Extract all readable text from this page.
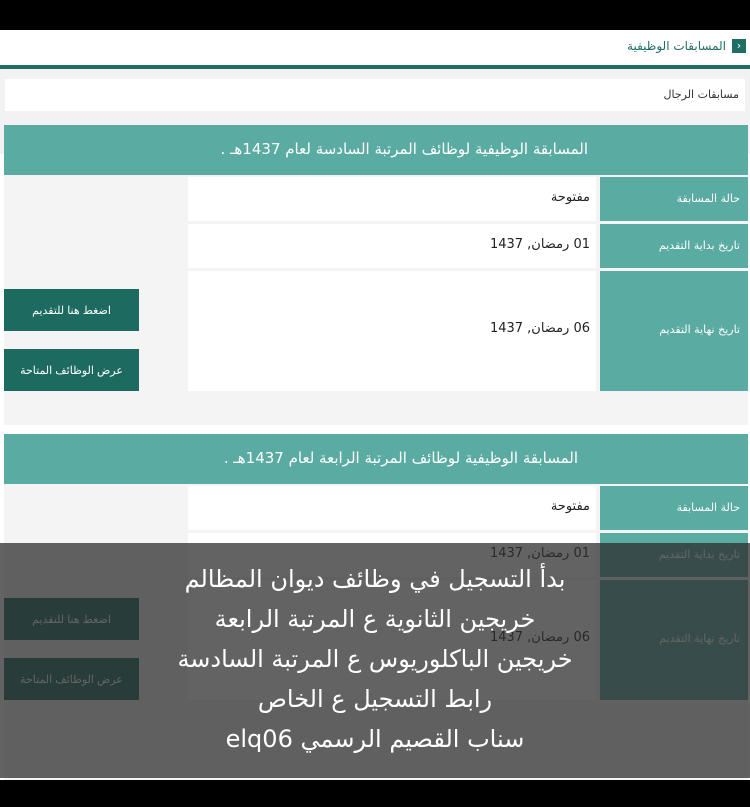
‹
المسابقات الوظيفية
مسابقات الرجال
المسابقة الوظيفية لوظائف المرتبة السادسة لعام 1437هـ .
حالة المسابقة
مفتوحة
تاريخ بداية التقديم
01 رمضان, 1437
تاريخ نهاية التقديم
06 رمضان, 1437
اضغط هنا للتقديم
عرض الوظائف المتاحة
المسابقة الوظيفية لوظائف المرتبة الرابعة لعام 1437هـ .
حالة المسابقة
مفتوحة
بدأ التسجيل في وظائف ديوان المظالم
خريجين الثانوية ع المرتبة الرابعة
خريجين الباكلوريوس ع المرتبة السادسة
رابط التسجيل ع الخاص
سناب القصيم الرسمي elq06
